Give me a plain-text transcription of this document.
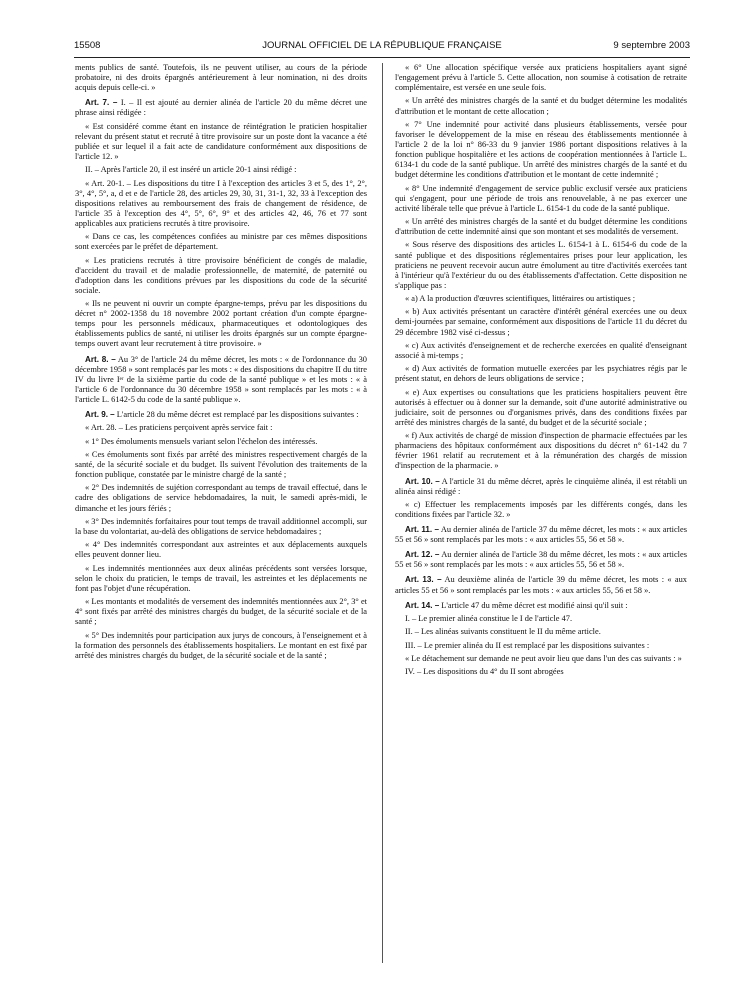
15508	JOURNAL OFFICIEL DE LA RÉPUBLIQUE FRANÇAISE	9 septembre 2003

ments publics de santé. Toutefois, ils ne peuvent utiliser, au cours de la période probatoire, ni des droits épargnés antérieurement à leur nomination, ni des droits acquis depuis celle-ci. »

Art. 7. – I. – Il est ajouté au dernier alinéa de l'article 20 du même décret une phrase ainsi rédigée :

« Est considéré comme étant en instance de réintégration le praticien hospitalier relevant du présent statut et recruté à titre provisoire sur un poste dont la vacance a été publiée et sur lequel il a fait acte de candidature conformément aux dispositions de l'article 12. »

II. – Après l'article 20, il est inséré un article 20-1 ainsi rédigé :

« Art. 20-1. – Les dispositions du titre I à l'exception des articles 3 et 5, des 1°, 2°, 3°, 4°, 5°, a, d et e de l'article 28, des articles 29, 30, 31, 31-1, 32, 33 à l'exception des dispositions relatives au remboursement des frais de changement de résidence, de l'article 35 à l'exception des 4°, 5°, 6°, 9° et des articles 42, 46, 76 et 77 sont applicables aux praticiens recrutés à titre provisoire.

« Dans ce cas, les compétences confiées au ministre par ces mêmes dispositions sont exercées par le préfet de département.

« Les praticiens recrutés à titre provisoire bénéficient de congés de maladie, d'accident du travail et de maladie professionnelle, de maternité, de paternité ou d'adoption dans les conditions prévues par les dispositions du code de la sécurité sociale.

« Ils ne peuvent ni ouvrir un compte épargne-temps, prévu par les dispositions du décret n° 2002-1358 du 18 novembre 2002 portant création d'un compte épargne-temps pour les personnels médicaux, pharmaceutiques et odontologiques des établissements publics de santé, ni utiliser les droits épargnés sur un compte épargne-temps ouvert avant leur recrutement à titre provisoire. »

Art. 8. – Au 3° de l'article 24 du même décret, les mots : « de l'ordonnance du 30 décembre 1958 » sont remplacés par les mots : « des dispositions du chapitre II du titre IV du livre Iᵉʳ de la sixième partie du code de la santé publique » et les mots : « à l'article 6 de l'ordonnance du 30 décembre 1958 » sont remplacés par les mots : « à l'article L. 6142-5 du code de la santé publique ».

Art. 9. – L'article 28 du même décret est remplacé par les dispositions suivantes :

« Art. 28. – Les praticiens perçoivent après service fait :

« 1° Des émoluments mensuels variant selon l'échelon des intéressés.

« Ces émoluments sont fixés par arrêté des ministres respectivement chargés de la santé, de la sécurité sociale et du budget. Ils suivent l'évolution des traitements de la fonction publique, constatée par le ministre chargé de la santé ;

« 2° Des indemnités de sujétion correspondant au temps de travail effectué, dans le cadre des obligations de service hebdomadaires, la nuit, le samedi après-midi, le dimanche et les jours fériés ;

« 3° Des indemnités forfaitaires pour tout temps de travail additionnel accompli, sur la base du volontariat, au-delà des obligations de service hebdomadaires ;

« 4° Des indemnités correspondant aux astreintes et aux déplacements auxquels elles peuvent donner lieu.

« Les indemnités mentionnées aux deux alinéas précédents sont versées lorsque, selon le choix du praticien, le temps de travail, les astreintes et les déplacements ne font pas l'objet d'une récupération.

« Les montants et modalités de versement des indemnités mentionnées aux 2°, 3° et 4° sont fixés par arrêté des ministres chargés du budget, de la sécurité sociale et de la santé ;

« 5° Des indemnités pour participation aux jurys de concours, à l'enseignement et à la formation des personnels des établissements hospitaliers. Le montant en est fixé par arrêté des ministres chargés du budget, de la sécurité sociale et de la santé ;

« 6° Une allocation spécifique versée aux praticiens hospitaliers ayant signé l'engagement prévu à l'article 5. Cette allocation, non soumise à cotisation de retraite complémentaire, est versée en une seule fois.

« Un arrêté des ministres chargés de la santé et du budget détermine les modalités d'attribution et le montant de cette allocation ;

« 7° Une indemnité pour activité dans plusieurs établissements, versée pour favoriser le développement de la mise en réseau des établissements mentionnée à l'article 2 de la loi n° 86-33 du 9 janvier 1986 portant dispositions relatives à la fonction publique hospitalière et les actions de coopération mentionnées à l'article L. 6134-1 du code de la santé publique. Un arrêté des ministres chargés de la santé et du budget détermine les conditions d'attribution et le montant de cette indemnité ;

« 8° Une indemnité d'engagement de service public exclusif versée aux praticiens qui s'engagent, pour une période de trois ans renouvelable, à ne pas exercer une activité libérale telle que prévue à l'article L. 6154-1 du code de la santé publique.

« Un arrêté des ministres chargés de la santé et du budget détermine les conditions d'attribution de cette indemnité ainsi que son montant et ses modalités de versement.

« Sous réserve des dispositions des articles L. 6154-1 à L. 6154-6 du code de la santé publique et des dispositions réglementaires prises pour leur application, les praticiens ne peuvent recevoir aucun autre émolument au titre d'activités exercées tant à l'intérieur qu'à l'extérieur du ou des établissements d'affectation. Cette disposition ne s'applique pas :

« a) A la production d'œuvres scientifiques, littéraires ou artistiques ;

« b) Aux activités présentant un caractère d'intérêt général exercées une ou deux demi-journées par semaine, conformément aux dispositions de l'article 11 du décret du 29 décembre 1982 visé ci-dessus ;

« c) Aux activités d'enseignement et de recherche exercées en qualité d'enseignant associé à mi-temps ;

« d) Aux activités de formation mutuelle exercées par les psychiatres régis par le présent statut, en dehors de leurs obligations de service ;

« e) Aux expertises ou consultations que les praticiens hospitaliers peuvent être autorisés à effectuer ou à donner sur la demande, soit d'une autorité administrative ou judiciaire, soit de personnes ou d'organismes privés, dans des conditions fixées par arrêté des ministres chargés de la santé, du budget et de la sécurité sociale ;

« f) Aux activités de chargé de mission d'inspection de pharmacie effectuées par les pharmaciens des hôpitaux conformément aux dispositions du décret n° 61-142 du 7 février 1961 relatif au recrutement et à la rémunération des chargés de mission d'inspection de la pharmacie. »

Art. 10. – A l'article 31 du même décret, après le cinquième alinéa, il est rétabli un alinéa ainsi rédigé :

« c) Effectuer les remplacements imposés par les différents congés, dans les conditions fixées par l'article 32. »

Art. 11. – Au dernier alinéa de l'article 37 du même décret, les mots : « aux articles 55 et 56 » sont remplacés par les mots : « aux articles 55, 56 et 58 ».

Art. 12. – Au dernier alinéa de l'article 38 du même décret, les mots : « aux articles 55 et 56 » sont remplacés par les mots : « aux articles 55, 56 et 58 ».

Art. 13. – Au deuxième alinéa de l'article 39 du même décret, les mots : « aux articles 55 et 56 » sont remplacés par les mots : « aux articles 55, 56 et 58 ».

Art. 14. – L'article 47 du même décret est modifié ainsi qu'il suit :

I. – Le premier alinéa constitue le I de l'article 47.

II. – Les alinéas suivants constituent le II du même article.

III. – Le premier alinéa du II est remplacé par les dispositions suivantes :

« Le détachement sur demande ne peut avoir lieu que dans l'un des cas suivants : »

IV. – Les dispositions du 4° du II sont abrogées
